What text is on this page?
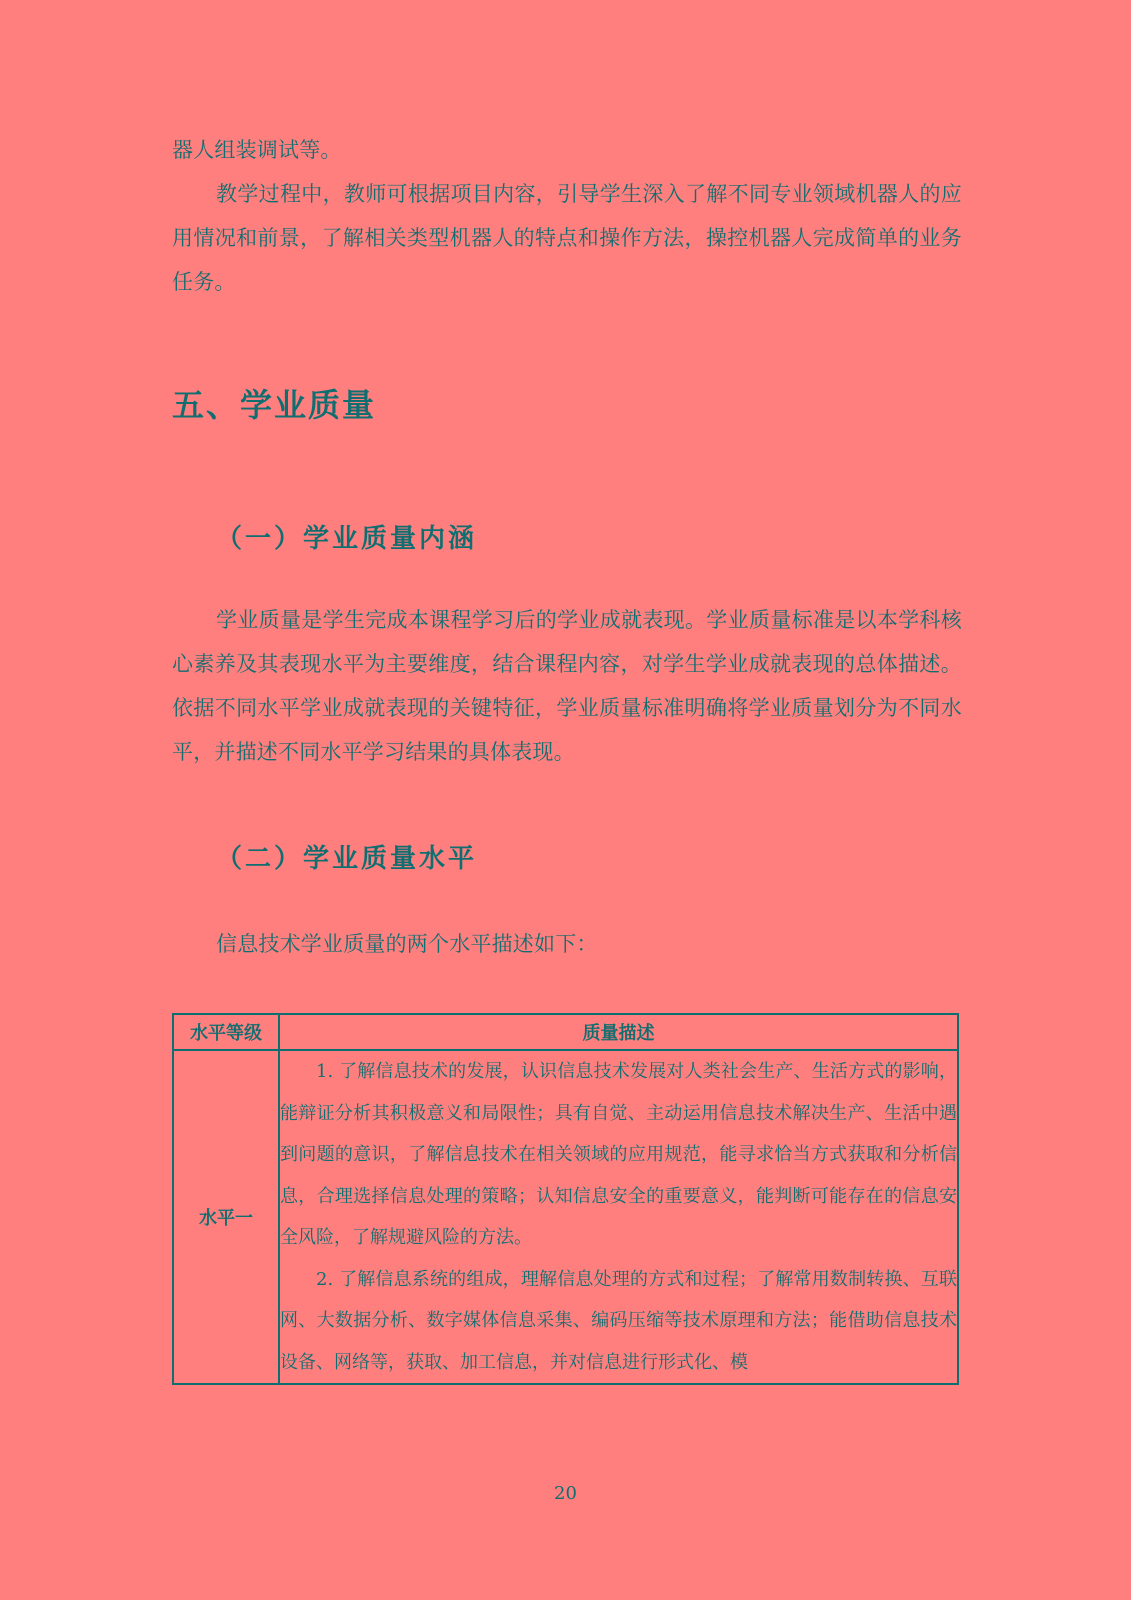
器人组装调试等。

教学过程中，教师可根据项目内容，引导学生深入了解不同专业领域机器人的应用情况和前景，了解相关类型机器人的特点和操作方法，操控机器人完成简单的业务任务。

五、学业质量
（一）学业质量内涵

学业质量是学生完成本课程学习后的学业成就表现。学业质量标准是以本学科核心素养及其表现水平为主要维度，结合课程内容，对学生学业成就表现的总体描述。依据不同水平学业成就表现的关键特征，学业质量标准明确将学业质量划分为不同水平，并描述不同水平学习结果的具体表现。

（二）学业质量水平

信息技术学业质量的两个水平描述如下：

水平等级	质量描述
水平一	1. 了解信息技术的发展，认识信息技术发展对人类社会生产、生活方式的影响，能辩证分析其积极意义和局限性；具有自觉、主动运用信息技术解决生产、生活中遇到问题的意识，了解信息技术在相关领域的应用规范，能寻求恰当方式获取和分析信息，合理选择信息处理的策略；认知信息安全的重要意义，能判断可能存在的信息安全风险，了解规避风险的方法。

2. 了解信息系统的组成，理解信息处理的方式和过程；了解常用数制转换、互联网、大数据分析、数字媒体信息采集、编码压缩等技术原理和方法；能借助信息技术设备、网络等，获取、加工信息，并对信息进行形式化、模

20
